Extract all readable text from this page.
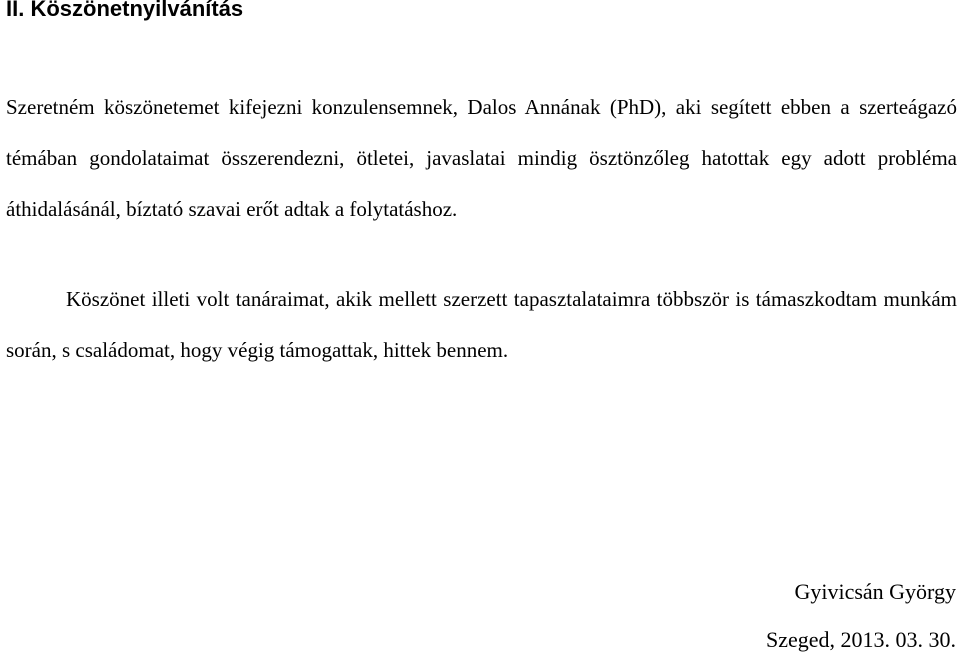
II. Köszönetnyilvánítás

Szeretném köszönetemet kifejezni konzulensemnek, Dalos Annának (PhD), aki segített ebben a szerteágazó témában gondolataimat összerendezni, ötletei, javaslatai mindig ösztönzőleg hatottak egy adott probléma áthidalásánál, bíztató szavai erőt adtak a folytatáshoz.

Köszönet illeti volt tanáraimat, akik mellett szerzett tapasztalataimra többször is támaszkodtam munkám során, s családomat, hogy végig támogattak, hittek bennem.

Gyivicsán György

Szeged, 2013. 03. 30.
